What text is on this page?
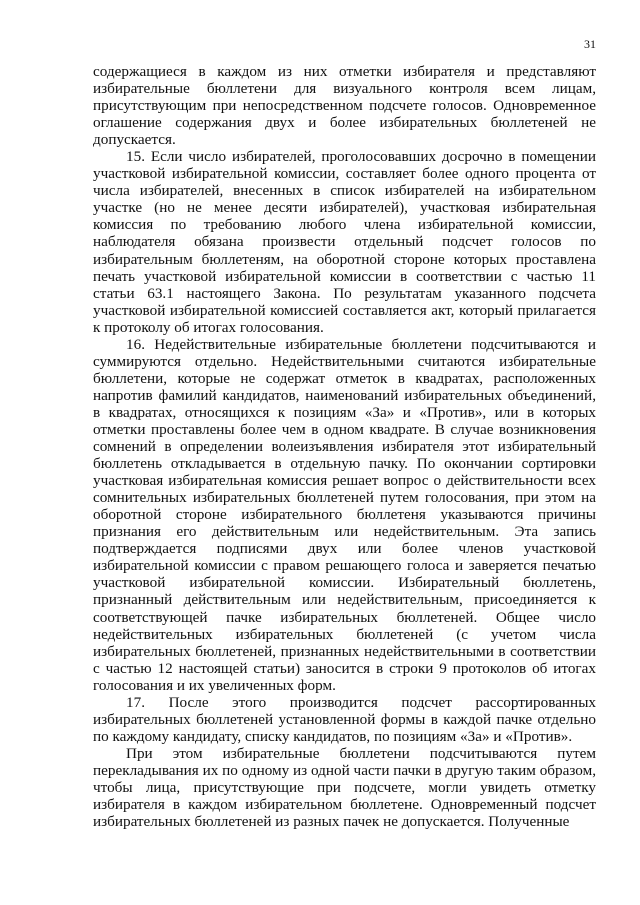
31

содержащиеся в каждом из них отметки избирателя и представляют избирательные бюллетени для визуального контроля всем лицам, присутствующим при непосредственном подсчете голосов. Одновременное оглашение содержания двух и более избирательных бюллетеней не допускается.

15. Если число избирателей, проголосовавших досрочно в помещении участковой избирательной комиссии, составляет более одного процента от числа избирателей, внесенных в список избирателей на избирательном участке (но не менее десяти избирателей), участковая избирательная комиссия по требованию любого члена избирательной комиссии, наблюдателя обязана произвести отдельный подсчет голосов по избирательным бюллетеням, на оборотной стороне которых проставлена печать участковой избирательной комиссии в соответствии с частью 11 статьи 63.1 настоящего Закона. По результатам указанного подсчета участковой избирательной комиссией составляется акт, который прилагается к протоколу об итогах голосования.

16. Недействительные избирательные бюллетени подсчитываются и суммируются отдельно. Недействительными считаются избирательные бюллетени, которые не содержат отметок в квадратах, расположенных напротив фамилий кандидатов, наименований избирательных объединений, в квадратах, относящихся к позициям «За» и «Против», или в которых отметки проставлены более чем в одном квадрате. В случае возникновения сомнений в определении волеизъявления избирателя этот избирательный бюллетень откладывается в отдельную пачку. По окончании сортировки участковая избирательная комиссия решает вопрос о действительности всех сомнительных избирательных бюллетеней путем голосования, при этом на оборотной стороне избирательного бюллетеня указываются причины признания его действительным или недействительным. Эта запись подтверждается подписями двух или более членов участковой избирательной комиссии с правом решающего голоса и заверяется печатью участковой избирательной комиссии. Избирательный бюллетень, признанный действительным или недействительным, присоединяется к соответствующей пачке избирательных бюллетеней. Общее число недействительных избирательных бюллетеней (с учетом числа избирательных бюллетеней, признанных недействительными в соответствии с частью 12 настоящей статьи) заносится в строки 9 протоколов об итогах голосования и их увеличенных форм.

17. После этого производится подсчет рассортированных избирательных бюллетеней установленной формы в каждой пачке отдельно по каждому кандидату, списку кандидатов, по позициям «За» и «Против».

При этом избирательные бюллетени подсчитываются путем перекладывания их по одному из одной части пачки в другую таким образом, чтобы лица, присутствующие при подсчете, могли увидеть отметку избирателя в каждом избирательном бюллетене. Одновременный подсчет избирательных бюллетеней из разных пачек не допускается. Полученные
